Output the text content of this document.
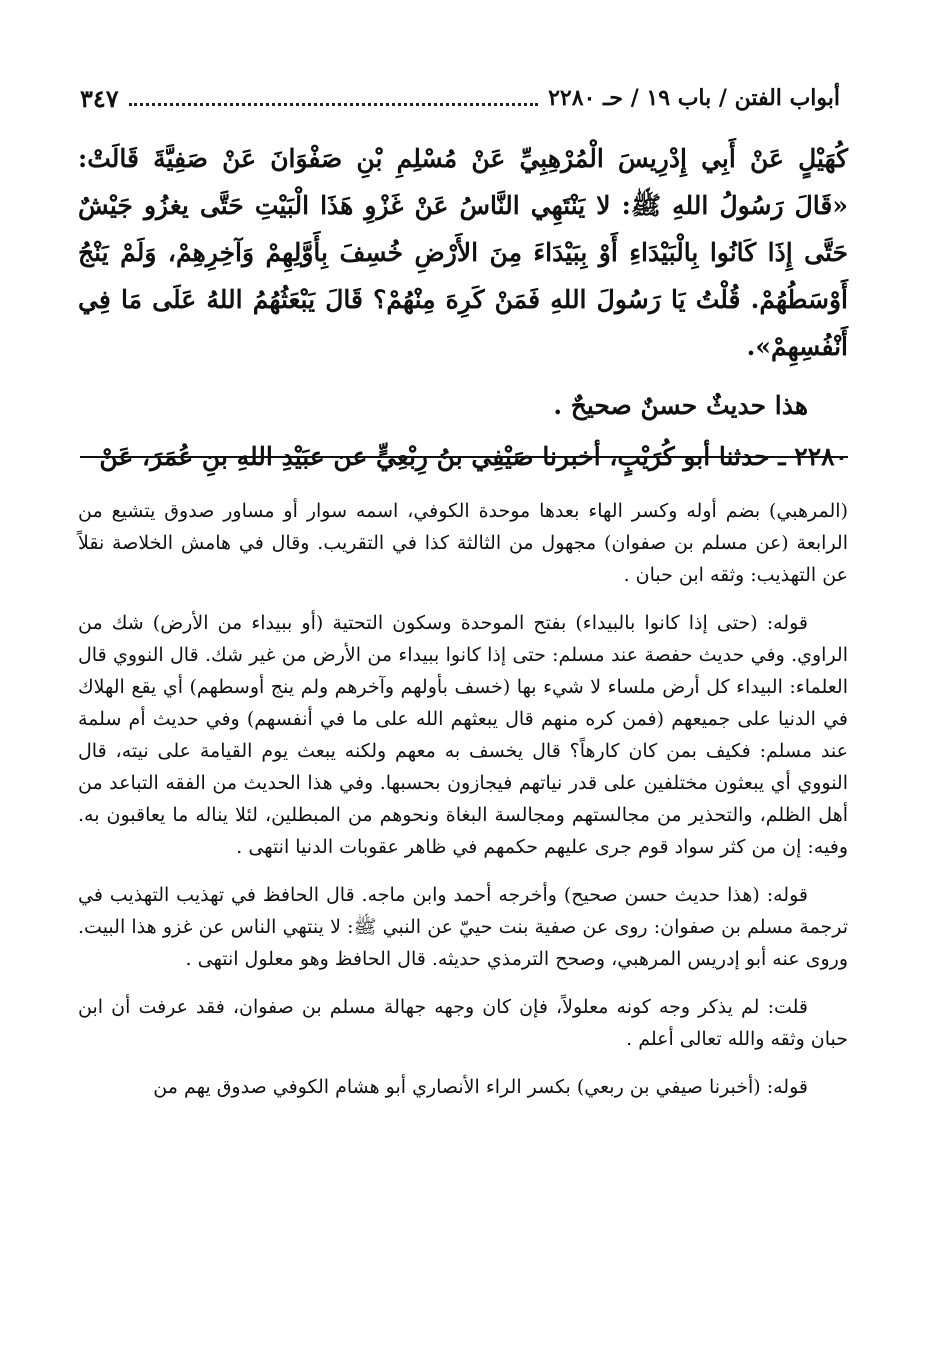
أبواب الفتن / باب ١٩ / حـ ٢٢٨٠
٣٤٧

كُهَيْلٍ عَنْ أَبِي إِدْرِيسَ الْمُرْهِبِيِّ عَنْ مُسْلِمِ بْنِ صَفْوَانَ عَنْ صَفِيَّةَ قَالَتْ: «قَالَ رَسُولُ اللهِ ﷺ: لا يَنْتَهِي النَّاسُ عَنْ غَزْوِ هَذَا الْبَيْتِ حَتَّى يغزُو جَيْشٌ حَتَّى إِذَا كَانُوا بِالْبَيْدَاءِ أَوْ بِبَيْدَاءَ مِنَ الأَرْضِ خُسِفَ بِأَوَّلِهِمْ وَآخِرِهِمْ، وَلَمْ يَنْجُ أَوْسَطُهُمْ. قُلْتُ يَا رَسُولَ اللهِ فَمَنْ كَرِهَ مِنْهُمْ؟ قَالَ يَبْعَثُهُمُ اللهُ عَلَى مَا فِي أَنْفُسِهِمْ».

هذا حديثٌ حسنٌ صحيحٌ .

٢٢٨٠ ـ حدثنا أبو كُرَيْبٍ، أخبرنا صَيْفِي بنُ رِبْعِيٍّ عن عبَيْدِ اللهِ بنِ عُمَرَ، عَنْ

(المرهبي) بضم أوله وكسر الهاء بعدها موحدة الكوفي، اسمه سوار أو مساور صدوق يتشيع من الرابعة (عن مسلم بن صفوان) مجهول من الثالثة كذا في التقريب. وقال في هامش الخلاصة نقلاً عن التهذيب: وثقه ابن حبان .

قوله: (حتى إذا كانوا بالبيداء) بفتح الموحدة وسكون التحتية (أو ببيداء من الأرض) شك من الراوي. وفي حديث حفصة عند مسلم: حتى إذا كانوا ببيداء من الأرض من غير شك. قال النووي قال العلماء: البيداء كل أرض ملساء لا شيء بها (خسف بأولهم وآخرهم ولم ينج أوسطهم) أي يقع الهلاك في الدنيا على جميعهم (فمن كره منهم قال يبعثهم الله على ما في أنفسهم) وفي حديث أم سلمة عند مسلم: فكيف بمن كان كارهاً؟ قال يخسف به معهم ولكنه يبعث يوم القيامة على نيته، قال النووي أي يبعثون مختلفين على قدر نياتهم فيجازون بحسبها. وفي هذا الحديث من الفقه التباعد من أهل الظلم، والتحذير من مجالستهم ومجالسة البغاة ونحوهم من المبطلين، لئلا يناله ما يعاقبون به. وفيه: إن من كثر سواد قوم جرى عليهم حكمهم في ظاهر عقوبات الدنيا انتهى .

قوله: (هذا حديث حسن صحيح) وأخرجه أحمد وابن ماجه. قال الحافظ في تهذيب التهذيب في ترجمة مسلم بن صفوان: روى عن صفية بنت حييّ عن النبي ﷺ: لا ينتهي الناس عن غزو هذا البيت. وروى عنه أبو إدريس المرهبي، وصحح الترمذي حديثه. قال الحافظ وهو معلول انتهى .

قلت: لم يذكر وجه كونه معلولاً، فإن كان وجهه جهالة مسلم بن صفوان، فقد عرفت أن ابن حبان وثقه والله تعالى أعلم .

قوله: (أخبرنا صيفي بن ربعي) بكسر الراء الأنصاري أبو هشام الكوفي صدوق يهم من
